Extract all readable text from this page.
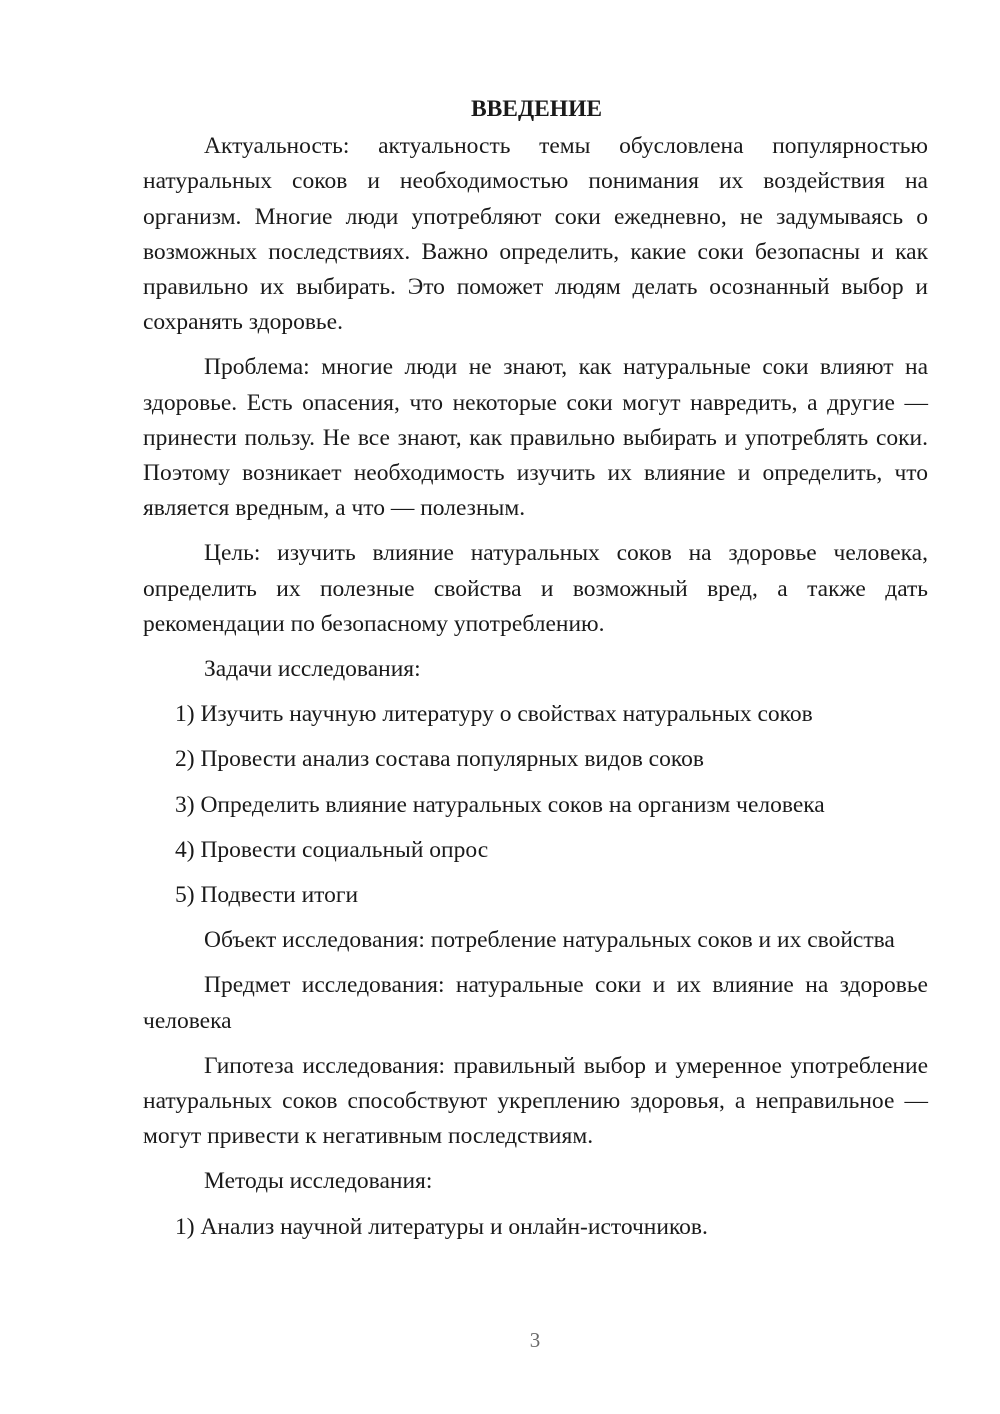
ВВЕДЕНИЕ

Актуальность: актуальность темы обусловлена популярностью натуральных соков и необходимостью понимания их воздействия на организм. Многие люди употребляют соки ежедневно, не задумываясь о возможных последствиях. Важно определить, какие соки безопасны и как правильно их выбирать. Это поможет людям делать осознанный выбор и сохранять здоровье.

Проблема: многие люди не знают, как натуральные соки влияют на здоровье. Есть опасения, что некоторые соки могут навредить, а другие — принести пользу. Не все знают, как правильно выбирать и употреблять соки. Поэтому возникает необходимость изучить их влияние и определить, что является вредным, а что — полезным.

Цель: изучить влияние натуральных соков на здоровье человека, определить их полезные свойства и возможный вред, а также дать рекомендации по безопасному употреблению.

Задачи исследования:

1) Изучить научную литературу о свойствах натуральных соков
2) Провести анализ состава популярных видов соков
3) Определить влияние натуральных соков на организм человека
4) Провести социальный опрос
5) Подвести итоги

Объект исследования: потребление натуральных соков и их свойства

Предмет исследования: натуральные соки и их влияние на здоровье человека

Гипотеза исследования: правильный выбор и умеренное употребление натуральных соков способствуют укреплению здоровья, а неправильное — могут привести к негативным последствиям.

Методы исследования:

1) Анализ научной литературы и онлайн-источников.
3
